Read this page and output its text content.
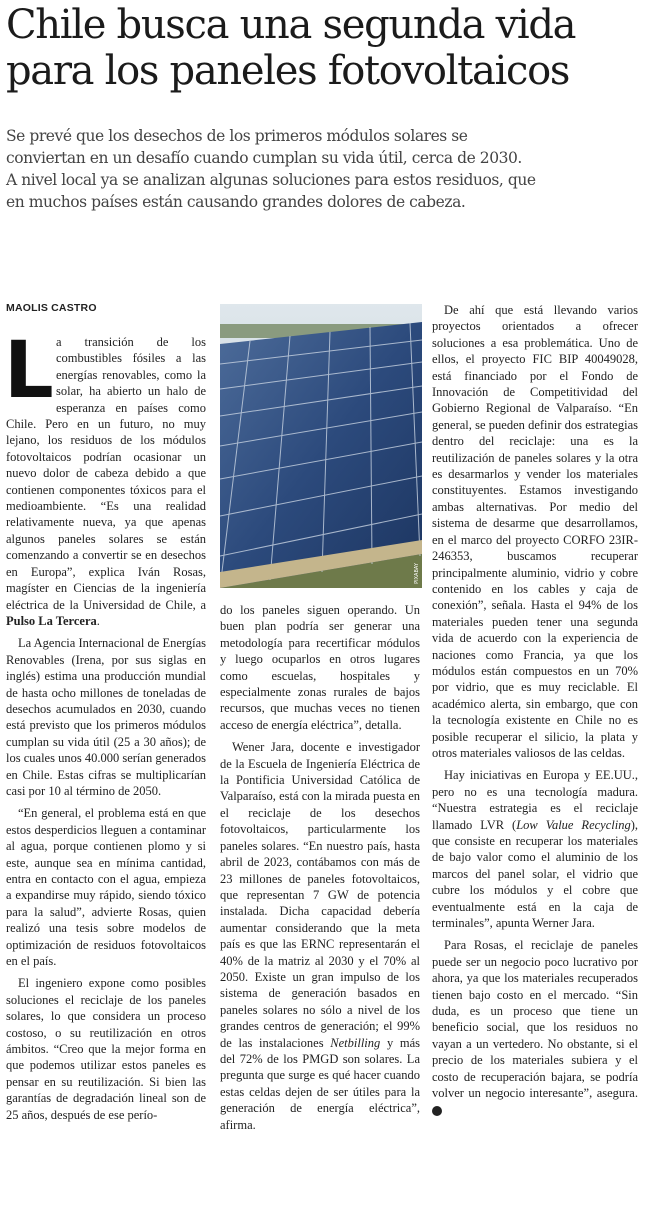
Chile busca una segunda vida
para los paneles fotovoltaicos
Se prevé que los desechos de los primeros módulos solares se
conviertan en un desafío cuando cumplan su vida útil, cerca de 2030.
A nivel local ya se analizan algunas soluciones para estos residuos, que
en muchos países están causando grandes dolores de cabeza.
MAOLIS CASTRO

La transición de los combustibles fósiles a las energías renovables, como la solar, ha abierto un halo de esperanza en países como Chile. Pero en un futuro, no muy lejano, los residuos de los módulos fotovoltaicos podrían ocasionar un nuevo dolor de cabeza debido a que contienen componentes tóxicos para el medioambiente. “Es una realidad relativamente nueva, ya que apenas algunos paneles solares se están comenzando a convertir se en desechos en Europa”, explica Iván Rosas, magíster en Ciencias de la ingeniería eléctrica de la Universidad de Chile, a Pulso La Tercera.

La Agencia Internacional de Energías Renovables (Irena, por sus siglas en inglés) estima una producción mundial de hasta ocho millones de toneladas de desechos acumulados en 2030, cuando está previsto que los primeros módulos cumplan su vida útil (25 a 30 años); de los cuales unos 40.000 serían generados en Chile. Estas cifras se multiplicarían casi por 10 al término de 2050.

“En general, el problema está en que estos desperdicios lleguen a contaminar al agua, porque contienen plomo y si este, aunque sea en mínima cantidad, entra en contacto con el agua, empieza a expandirse muy rápido, siendo tóxico para la salud”, advierte Rosas, quien realizó una tesis sobre modelos de optimización de residuos fotovoltaicos en el país.

El ingeniero expone como posibles soluciones el reciclaje de los paneles solares, lo que considera un proceso costoso, o su reutilización en otros ámbitos. “Creo que la mejor forma en que podemos utilizar estos paneles es pensar en su reutilización. Si bien las garantías de degradación lineal son de 25 años, después de ese perío-

PIXABAY

do los paneles siguen operando. Un buen plan podría ser generar una metodología para recertificar módulos y luego ocuparlos en otros lugares como escuelas, hospitales y especialmente zonas rurales de bajos recursos, que muchas veces no tienen acceso de energía eléctrica”, detalla.

Wener Jara, docente e investigador de la Escuela de Ingeniería Eléctrica de la Pontificia Universidad Católica de Valparaíso, está con la mirada puesta en el reciclaje de los desechos fotovoltaicos, particularmente los paneles solares. “En nuestro país, hasta abril de 2023, contábamos con más de 23 millones de paneles fotovoltaicos, que representan 7 GW de potencia instalada. Dicha capacidad debería aumentar considerando que la meta país es que las ERNC representarán el 40% de la matriz al 2030 y el 70% al 2050. Existe un gran impulso de los sistema de generación basados en paneles solares no sólo a nivel de los grandes centros de generación; el 99% de las instalaciones Netbilling y más del 72% de los PMGD son solares. La pregunta que surge es qué hacer cuando estas celdas dejen de ser útiles para la generación de energía eléctrica”, afirma.

De ahí que está llevando varios proyectos orientados a ofrecer soluciones a esa problemática. Uno de ellos, el proyecto FIC BIP 40049028, está financiado por el Fondo de Innovación de Competitividad del Gobierno Regional de Valparaíso. “En general, se pueden definir dos estrategias dentro del reciclaje: una es la reutilización de paneles solares y la otra es desarmarlos y vender los materiales constituyentes. Estamos investigando ambas alternativas. Por medio del sistema de desarme que desarrollamos, en el marco del proyecto CORFO 23IR-246353, buscamos recuperar principalmente aluminio, vidrio y cobre contenido en los cables y caja de conexión”, señala. Hasta el 94% de los materiales pueden tener una segunda vida de acuerdo con la experiencia de naciones como Francia, ya que los módulos están compuestos en un 70% por vidrio, que es muy reciclable. El académico alerta, sin embargo, que con la tecnología existente en Chile no es posible recuperar el silicio, la plata y otros materiales valiosos de las celdas.

Hay iniciativas en Europa y EE.UU., pero no es una tecnología madura. “Nuestra estrategia es el reciclaje llamado LVR (Low Value Recycling), que consiste en recuperar los materiales de bajo valor como el aluminio de los marcos del panel solar, el vidrio que cubre los módulos y el cobre que eventualmente está en la caja de terminales”, apunta Werner Jara.

Para Rosas, el reciclaje de paneles puede ser un negocio poco lucrativo por ahora, ya que los materiales recuperados tienen bajo costo en el mercado. “Sin duda, es un proceso que tiene un beneficio social, que los residuos no vayan a un vertedero. No obstante, si el precio de los materiales subiera y el costo de recuperación bajara, se podría volver un negocio interesante”, asegura. P
